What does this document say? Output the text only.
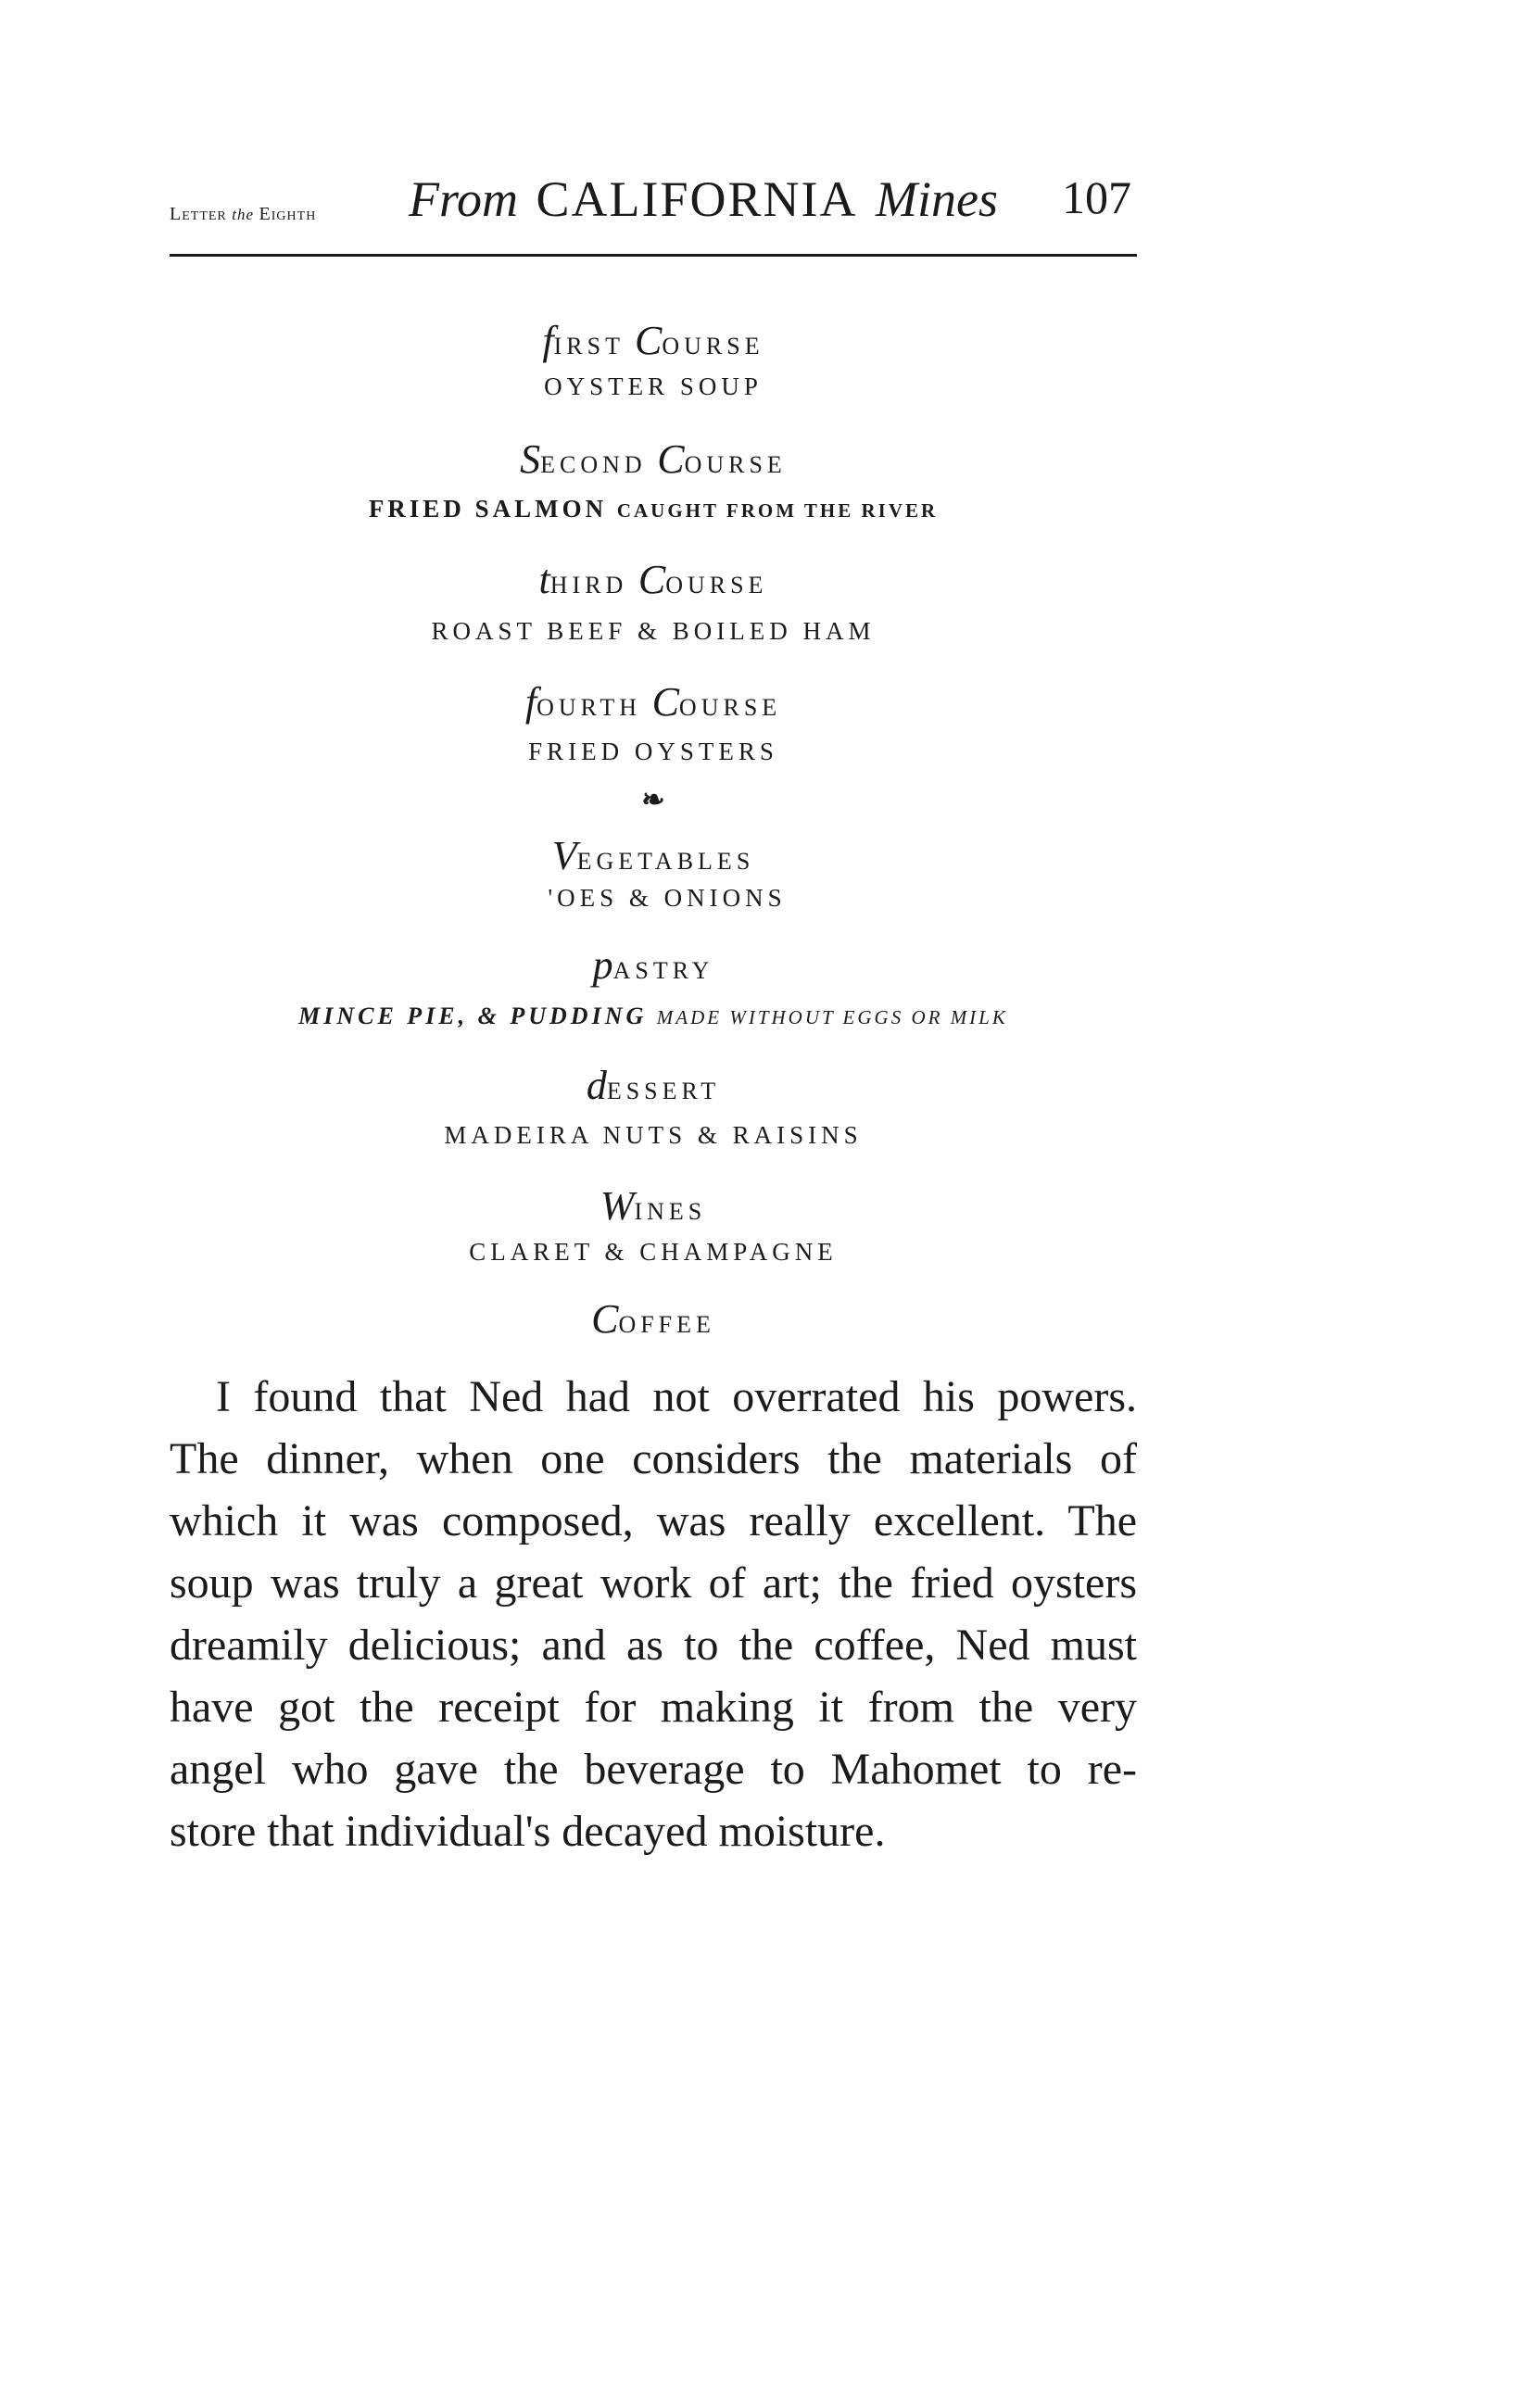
Letter the Eighth From CALIFORNIA Mines 107
fIRST COURSE
OYSTER SOUP
SECOND COURSE
FRIED SALMON CAUGHT FROM THE RIVER
tHIRD COURSE
ROAST BEEF & BOILED HAM
fOURTH COURSE
FRIED OYSTERS
❧
VEGETABLES
'OES & ONIONS
pASTRY
MINCE PIE, & PUDDING MADE WITHOUT EGGS OR MILK
dESSERT
MADEIRA NUTS & RAISINS
WINES
CLARET & CHAMPAGNE
COFFEE
I found that Ned had not overrated his powers.
The dinner, when one considers the materials of
which it was composed, was really excellent. The
soup was truly a great work of art; the fried oysters
dreamily delicious; and as to the coffee, Ned must
have got the receipt for making it from the very
angel who gave the beverage to Mahomet to re-
store that individual's decayed moisture.
